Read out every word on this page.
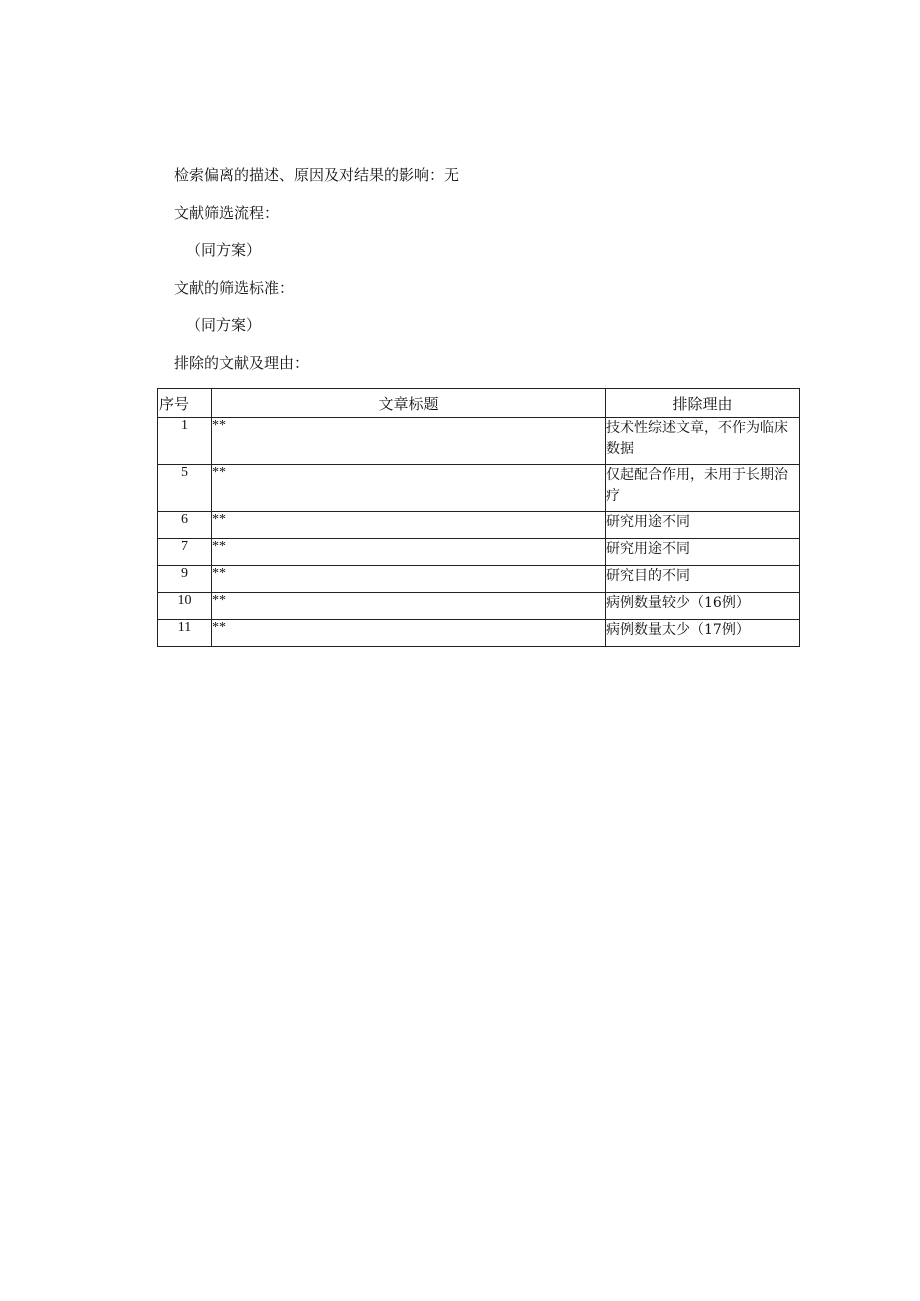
检索偏离的描述、原因及对结果的影响：无
文献筛选流程：
（同方案）
文献的筛选标准：
（同方案）
排除的文献及理由：
序号	文章标题	排除理由
1	**	技术性综述文章，不作为临床数据
5	**	仅起配合作用，未用于长期治疗
6	**	研究用途不同
7	**	研究用途不同
9	**	研究目的不同
10	**	病例数量较少（16例）
11	**	病例数量太少（17例）
